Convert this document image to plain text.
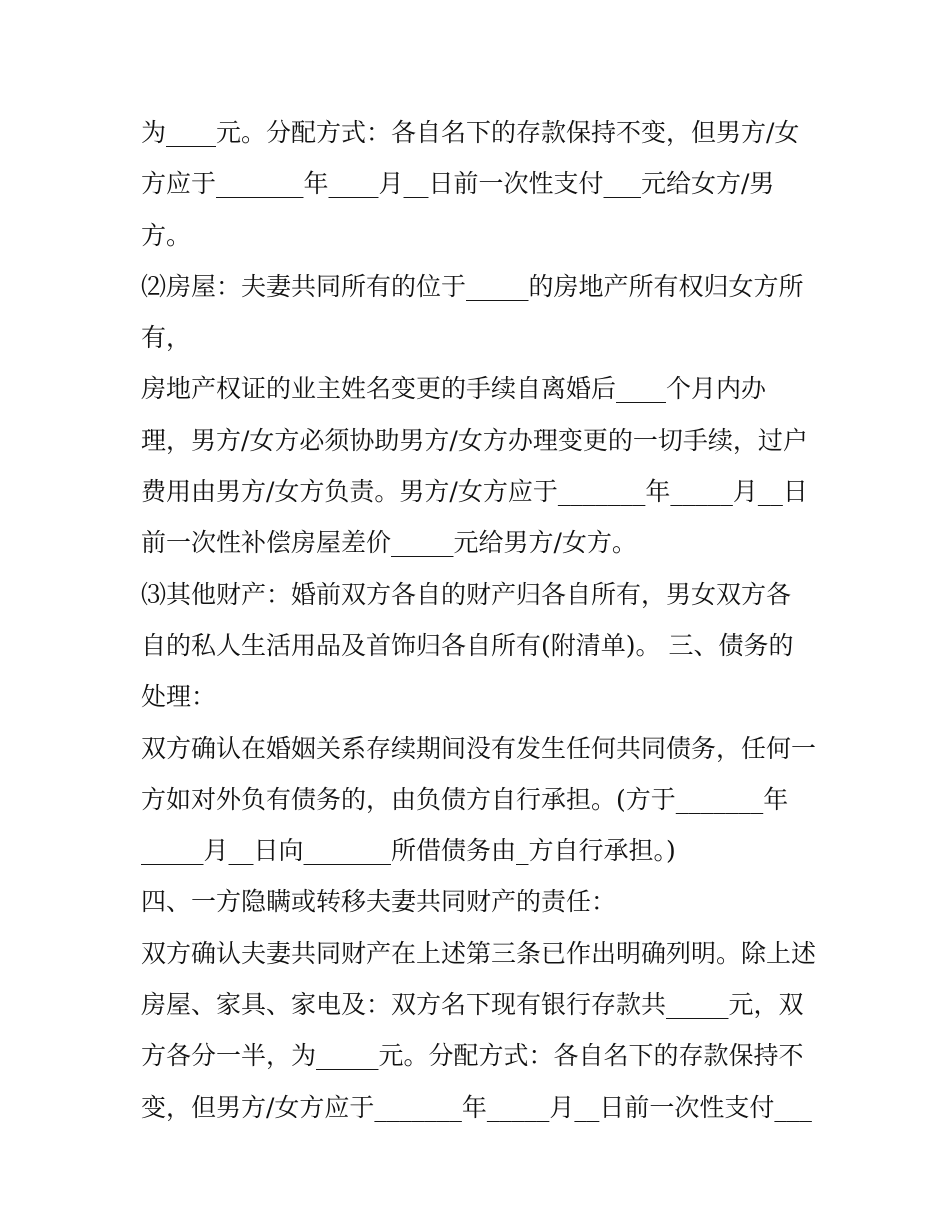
为____元。分配方式：各自名下的存款保持不变，但男方/女
方应于_______年____月__日前一次性支付___元给女方/男
方。
⑵房屋：夫妻共同所有的位于_____的房地产所有权归女方所
有，
房地产权证的业主姓名变更的手续自离婚后____个月内办
理，男方/女方必须协助男方/女方办理变更的一切手续，过户
费用由男方/女方负责。男方/女方应于_______年_____月__日
前一次性补偿房屋差价_____元给男方/女方。
⑶其他财产：婚前双方各自的财产归各自所有，男女双方各
自的私人生活用品及首饰归各自所有(附清单)。 三、债务的
处理：
双方确认在婚姻关系存续期间没有发生任何共同债务，任何一
方如对外负有债务的，由负债方自行承担。(方于_______年
_____月__日向_______所借债务由_方自行承担。)
四、一方隐瞒或转移夫妻共同财产的责任：
双方确认夫妻共同财产在上述第三条已作出明确列明。除上述
房屋、家具、家电及：双方名下现有银行存款共_____元，双
方各分一半，为_____元。分配方式：各自名下的存款保持不
变，但男方/女方应于_______年_____月__日前一次性支付___
